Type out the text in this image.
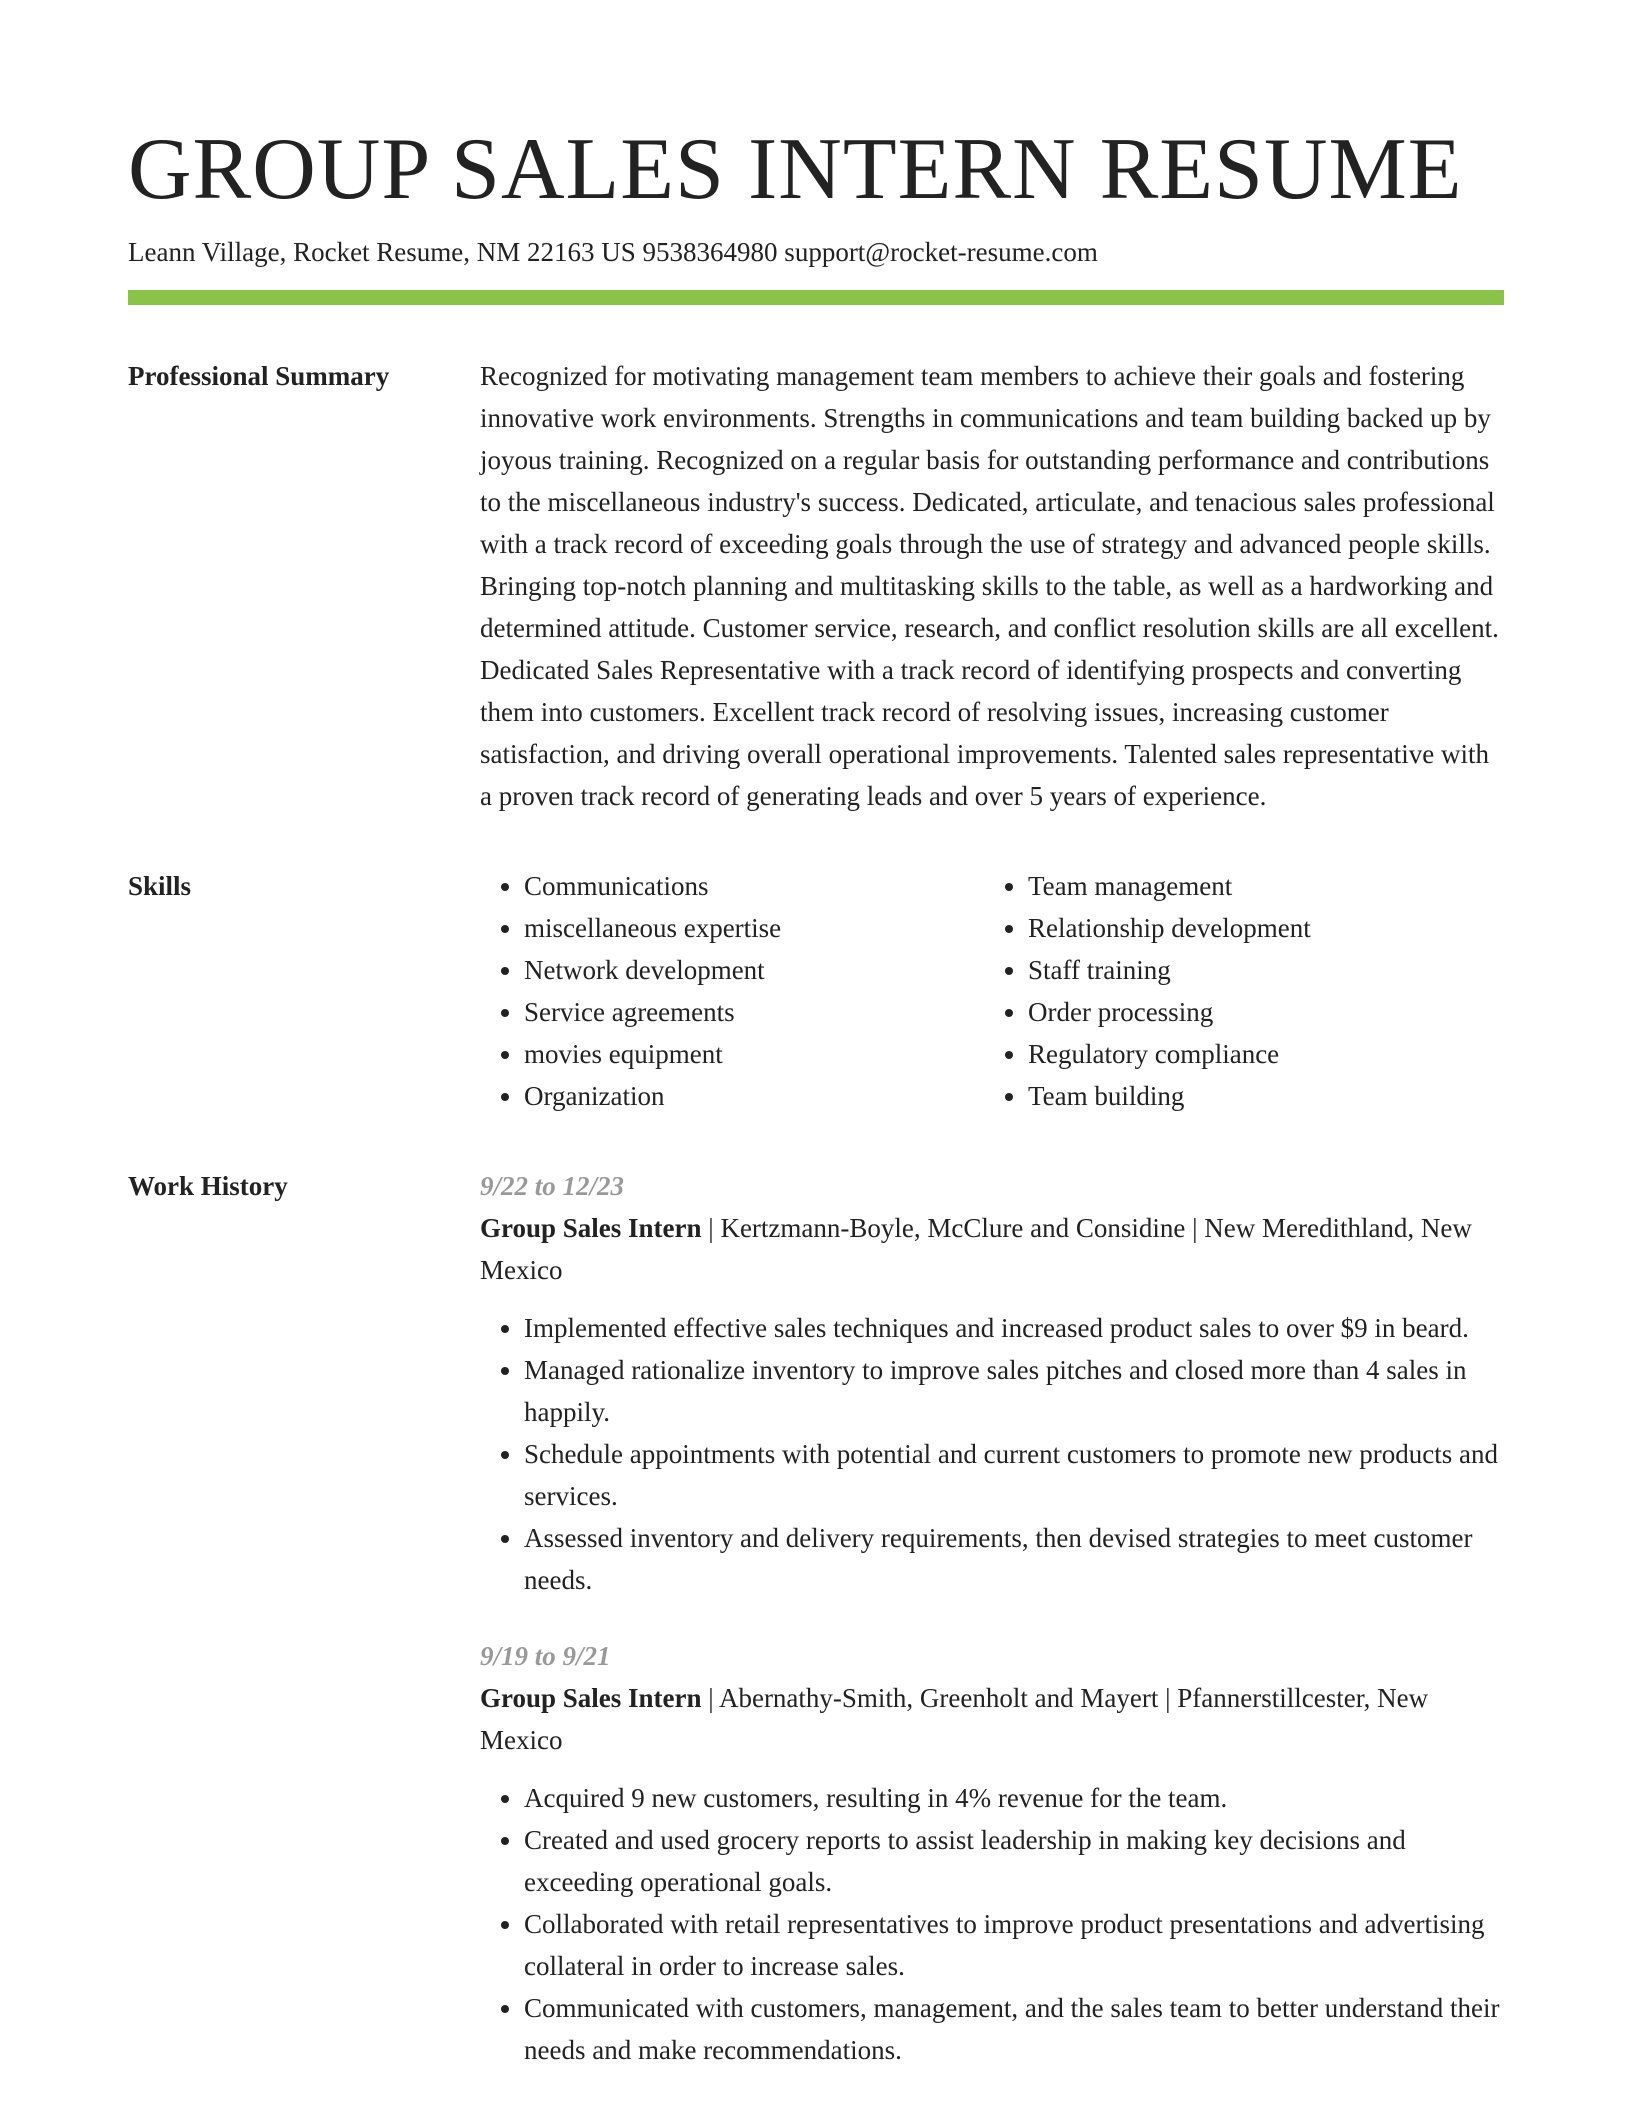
GROUP SALES INTERN RESUME
Leann Village, Rocket Resume, NM 22163 US 9538364980 support@rocket-resume.com
Professional Summary	Recognized for motivating management team members to achieve their goals and fostering innovative work environments. Strengths in communications and team building backed up by joyous training. Recognized on a regular basis for outstanding performance and contributions to the miscellaneous industry's success. Dedicated, articulate, and tenacious sales professional with a track record of exceeding goals through the use of strategy and advanced people skills. Bringing top-notch planning and multitasking skills to the table, as well as a hardworking and determined attitude. Customer service, research, and conflict resolution skills are all excellent. Dedicated Sales Representative with a track record of identifying prospects and converting them into customers. Excellent track record of resolving issues, increasing customer satisfaction, and driving overall operational improvements. Talented sales representative with a proven track record of generating leads and over 5 years of experience.

Skills
•	Communications
• miscellaneous expertise
• Network development
• Service agreements
• movies equipment
• Organization
• Team management
• Relationship development
• Staff training
• Order processing
• Regulatory compliance
• Team building
Work History	9/22 to 12/23
Group Sales Intern | Kertzmann-Boyle, McClure and Considine | New Meredithland, New Mexico
• Implemented effective sales techniques and increased product sales to over $9 in beard.
• Managed rationalize inventory to improve sales pitches and closed more than 4 sales in happily.
• Schedule appointments with potential and current customers to promote new products and services.
• Assessed inventory and delivery requirements, then devised strategies to meet customer needs.
9/19 to 9/21
Group Sales Intern | Abernathy-Smith, Greenholt and Mayert | Pfannerstillcester, New Mexico
• Acquired 9 new customers, resulting in 4% revenue for the team.
• Created and used grocery reports to assist leadership in making key decisions and exceeding operational goals.
• Collaborated with retail representatives to improve product presentations and advertising collateral in order to increase sales.
• Communicated with customers, management, and the sales team to better understand their needs and make recommendations.
